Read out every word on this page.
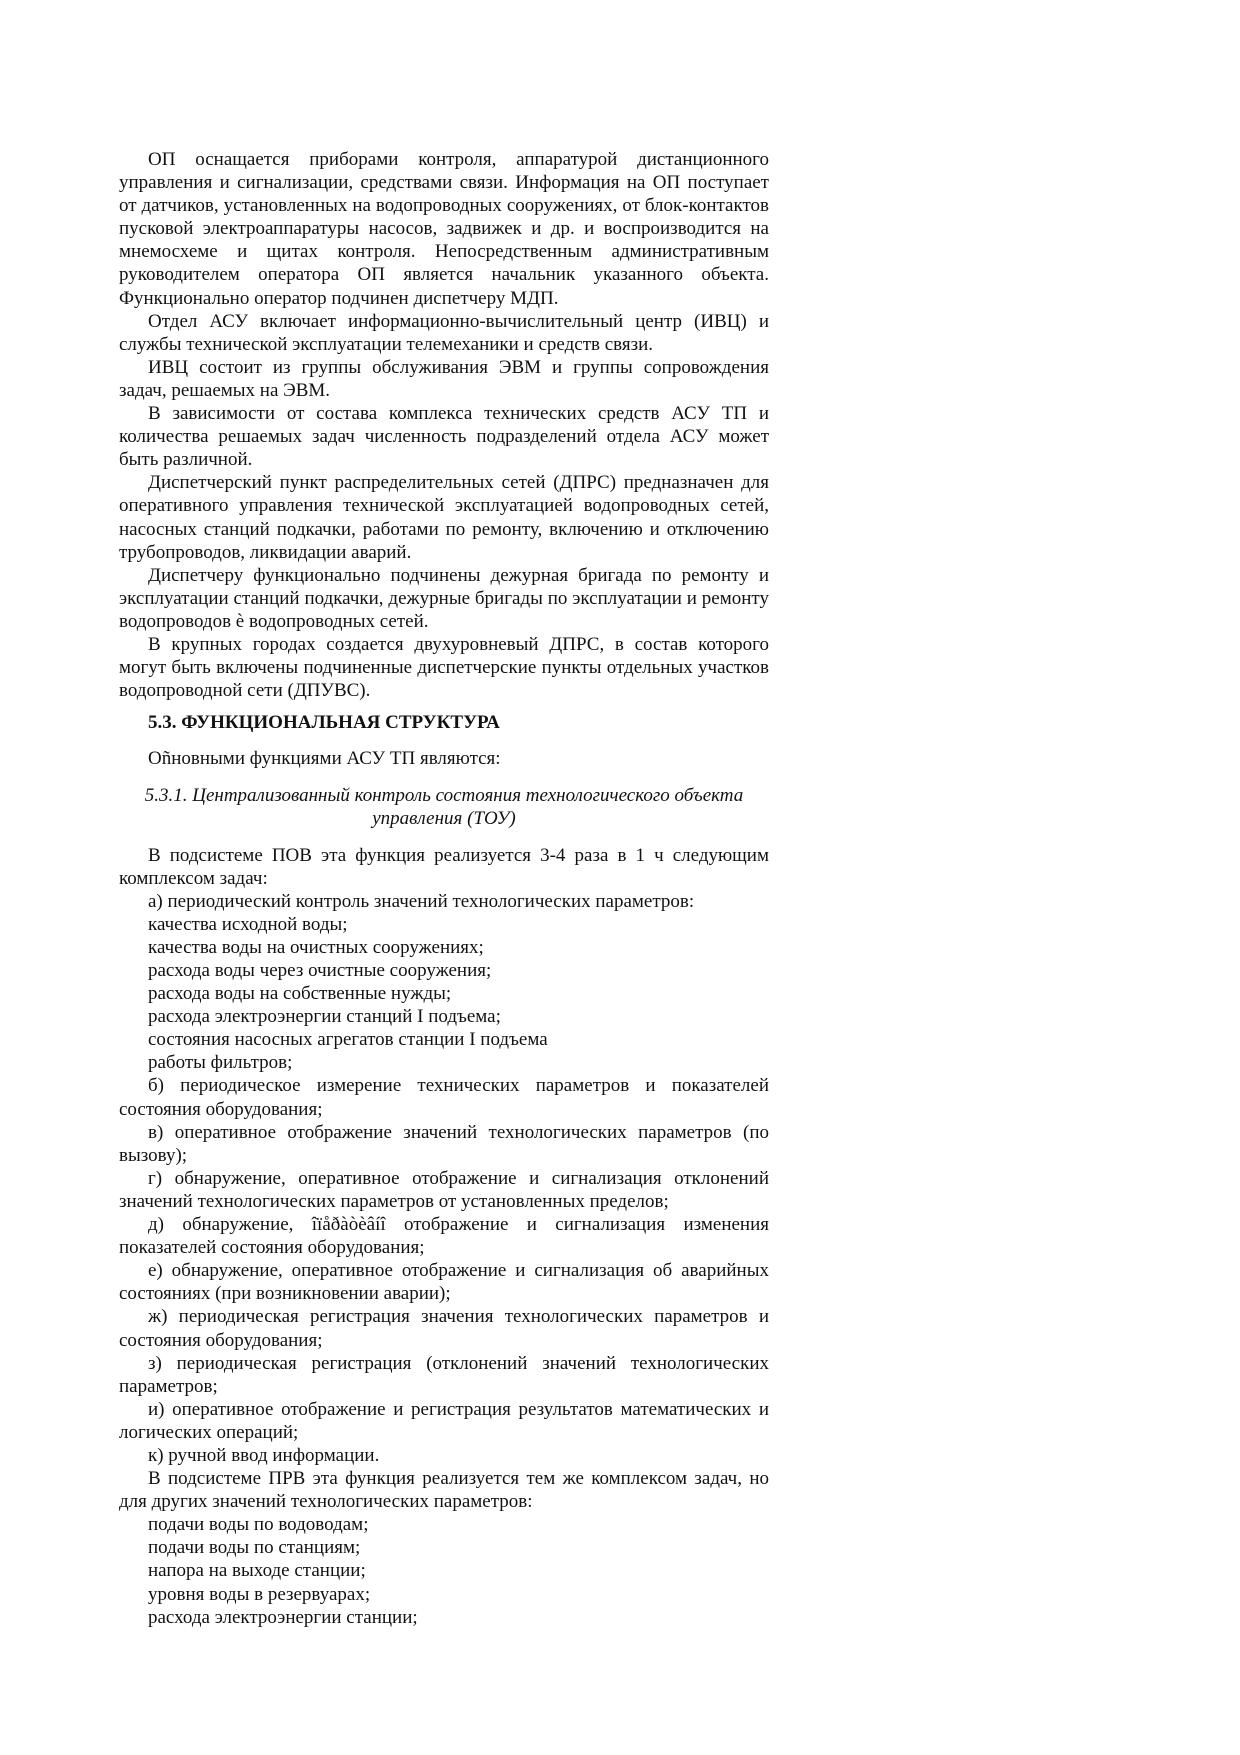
ОП оснащается приборами контроля, аппаратурой дистанционного управления и сигнализации, средствами связи. Информация на ОП поступает от датчиков, установленных на водопроводных сооружениях, от блок-контактов пусковой электроаппаратуры насосов, задвижек и др. и воспроизводится на мнемосхеме и щитах контроля. Непосредственным административным руководителем оператора ОП является начальник указанного объекта. Функционально оператор подчинен диспетчеру МДП.

Отдел АСУ включает информационно-вычислительный центр (ИВЦ) и службы технической эксплуатации телемеханики и средств связи.

ИВЦ состоит из группы обслуживания ЭВМ и группы сопровождения задач, решаемых на ЭВМ.

В зависимости от состава комплекса технических средств АСУ ТП и количества решаемых задач численность подразделений отдела АСУ может быть различной.

Диспетчерский пункт распределительных сетей (ДПРС) предназначен для оперативного управления технической эксплуатацией водопроводных сетей, насосных станций подкачки, работами по ремонту, включению и отключению трубопроводов, ликвидации аварий.

Диспетчеру функционально подчинены дежурная бригада по ремонту и эксплуатации станций подкачки, дежурные бригады по эксплуатации и ремонту водопроводов è водопроводных сетей.

В крупных городах создается двухуровневый ДПРС, в состав которого могут быть включены подчиненные диспетчерские пункты отдельных участков водопроводной сети (ДПУВС).

5.3. ФУНКЦИОНАЛЬНАЯ СТРУКТУРА

Оñновными функциями АСУ ТП являются:

5.3.1. Централизованный контроль состояния технологического объекта управления (ТОУ)

В подсистеме ПОВ эта функция реализуется 3-4 раза в 1 ч следующим комплексом задач:

а) периодический контроль значений технологических параметров:

качества исходной воды;

качества воды на очистных сооружениях;

расхода воды через очистные сооружения;

расхода воды на собственные нужды;

расхода электроэнергии станций I подъема;

состояния насосных агрегатов станции I подъема

работы фильтров;

б) периодическое измерение технических параметров и показателей состояния оборудования;

в) оперативное отображение значений технологических параметров (по вызову);

г) обнаружение, оперативное отображение и сигнализация отклонений значений технологических параметров от установленных пределов;

д) обнаружение, îïåðàòèâíî отображение и сигнализация изменения показателей состояния оборудования;

е) обнаружение, оперативное отображение и сигнализация об аварийных состояниях (при возникновении аварии);

ж) периодическая регистрация значения технологических параметров и состояния оборудования;

з) периодическая регистрация (отклонений значений технологических параметров;

и) оперативное отображение и регистрация результатов математических и логических операций;

к) ручной ввод информации.

В подсистеме ПРВ эта функция реализуется тем же комплексом задач, но для других значений технологических параметров:

подачи воды по водоводам;

подачи воды по станциям;

напора на выходе станции;

уровня воды в резервуарах;

расхода электроэнергии станции;
